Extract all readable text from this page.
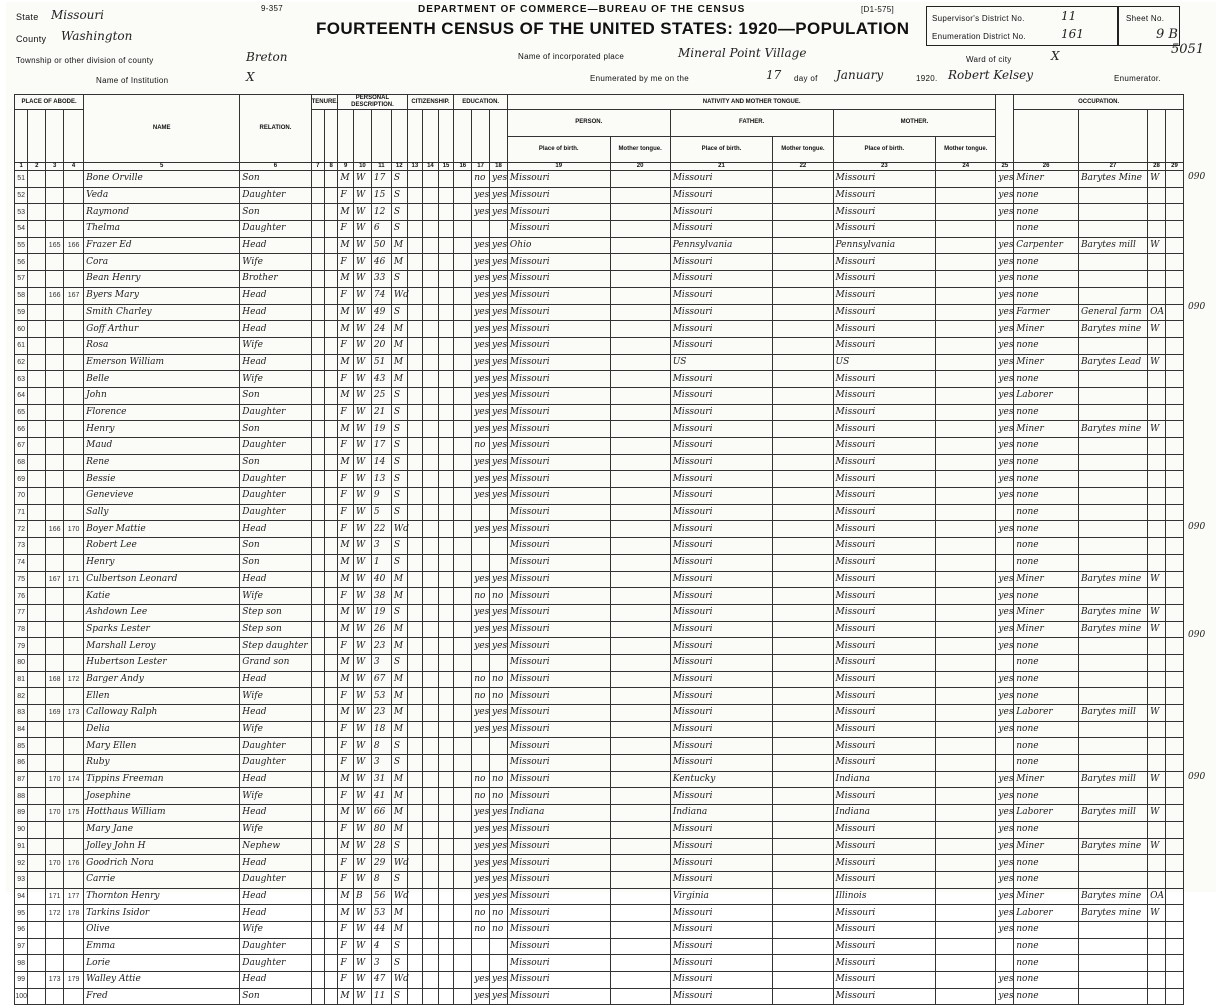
9-357	DEPARTMENT OF COMMERCE—BUREAU OF THE CENSUS	[D1-575]
FOURTEENTH CENSUS OF THE UNITED STATES: 1920—POPULATION
State Missouri
County Washington
Township or other division of county	Breton
Name of Institution	X
Name of incorporated place	Mineral Point Village
Enumerated by me on the	17 day of January	1920. Robert Kelsey	Enumerator.
Supervisor's District No.	11
Enumeration District No.	161
Sheet No.
9 B
Ward of city	X	5051
PLACE OF ABODE.				NAME	RELATION.	TENURE.		PERSONAL DESCRIPTION.				CITIZENSHIP.			EDUCATION.			NATIVITY AND MOTHER TONGUE.							OCCUPATION.			
																		PERSON.		FATHER.		MOTHER.						
																		Place of birth.	Mother tongue.	Place of birth.	Mother tongue.	Place of birth.	Mother tongue.					
1	2	3	4	5	6	7	8	9	10	11	12	13	14	15	16	17	18	19	20	21	22	23	24	25	26	27	28	29
51				Bone Orville	Son			M	W	17	S					no	yes	Missouri		Missouri		Missouri		yes	Miner	Barytes Mine	W	
52				Veda	Daughter			F	W	15	S					yes	yes	Missouri		Missouri		Missouri		yes	none			
53				Raymond	Son			M	W	12	S					yes	yes	Missouri		Missouri		Missouri		yes	none			
54				Thelma	Daughter			F	W	6	S							Missouri		Missouri		Missouri			none			
55		165	166	Frazer Ed	Head			M	W	50	M					yes	yes	Ohio		Pennsylvania		Pennsylvania		yes	Carpenter	Barytes mill	W	
56				Cora	Wife			F	W	46	M					yes	yes	Missouri		Missouri		Missouri		yes	none			
57				Bean Henry	Brother			M	W	33	S					yes	yes	Missouri		Missouri		Missouri		yes	none			
58		166	167	Byers Mary	Head			F	W	74	Wd					yes	yes	Missouri		Missouri		Missouri		yes	none			
59				Smith Charley	Head			M	W	49	S					yes	yes	Missouri		Missouri		Missouri		yes	Farmer	General farm	OA	
60				Goff Arthur	Head			M	W	24	M					yes	yes	Missouri		Missouri		Missouri		yes	Miner	Barytes mine	W	
61				Rosa	Wife			F	W	20	M					yes	yes	Missouri		Missouri		Missouri		yes	none			
62				Emerson William	Head			M	W	51	M					yes	yes	Missouri		US		US		yes	Miner	Barytes Lead	W	
63				Belle	Wife			F	W	43	M					yes	yes	Missouri		Missouri		Missouri		yes	none			
64				John	Son			M	W	25	S					yes	yes	Missouri		Missouri		Missouri		yes	Laborer			
65				Florence	Daughter			F	W	21	S					yes	yes	Missouri		Missouri		Missouri		yes	none			
66				Henry	Son			M	W	19	S					yes	yes	Missouri		Missouri		Missouri		yes	Miner	Barytes mine	W	
67				Maud	Daughter			F	W	17	S					no	yes	Missouri		Missouri		Missouri		yes	none			
68				Rene	Son			M	W	14	S					yes	yes	Missouri		Missouri		Missouri		yes	none			
69				Bessie	Daughter			F	W	13	S					yes	yes	Missouri		Missouri		Missouri		yes	none			
70				Genevieve	Daughter			F	W	9	S					yes	yes	Missouri		Missouri		Missouri		yes	none			
71				Sally	Daughter			F	W	5	S							Missouri		Missouri		Missouri			none			
72		166	170	Boyer Mattie	Head			F	W	22	Wd					yes	yes	Missouri		Missouri		Missouri		yes	none			
73				Robert Lee	Son			M	W	3	S							Missouri		Missouri		Missouri			none			
74				Henry	Son			M	W	1	S							Missouri		Missouri		Missouri			none			
75		167	171	Culbertson Leonard	Head			M	W	40	M					yes	yes	Missouri		Missouri		Missouri		yes	Miner	Barytes mine	W	
76				Katie	Wife			F	W	38	M					no	no	Missouri		Missouri		Missouri		yes	none			
77				Ashdown Lee	Step son			M	W	19	S					yes	yes	Missouri		Missouri		Missouri		yes	Miner	Barytes mine	W	
78				Sparks Lester	Step son			M	W	26	M					yes	yes	Missouri		Missouri		Missouri		yes	Miner	Barytes mine	W	
79				Marshall Leroy	Step daughter			F	W	23	M					yes	yes	Missouri		Missouri		Missouri		yes	none			
80				Hubertson Lester	Grand son			M	W	3	S							Missouri		Missouri		Missouri			none			
81		168	172	Barger Andy	Head			M	W	67	M					no	no	Missouri		Missouri		Missouri		yes	none			
82				Ellen	Wife			F	W	53	M					no	no	Missouri		Missouri		Missouri		yes	none			
83		169	173	Calloway Ralph	Head			M	W	23	M					yes	yes	Missouri		Missouri		Missouri		yes	Laborer	Barytes mill	W	
84				Delia	Wife			F	W	18	M					yes	yes	Missouri		Missouri		Missouri		yes	none			
85				Mary Ellen	Daughter			F	W	8	S							Missouri		Missouri		Missouri			none			
86				Ruby	Daughter			F	W	3	S							Missouri		Missouri		Missouri			none			
87		170	174	Tippins Freeman	Head			M	W	31	M					no	no	Missouri		Kentucky		Indiana		yes	Miner	Barytes mill	W	
88				Josephine	Wife			F	W	41	M					no	no	Missouri		Missouri		Missouri		yes	none			
89		170	175	Hotthaus William	Head			M	W	66	M					yes	yes	Indiana		Indiana		Indiana		yes	Laborer	Barytes mill	W	
90				Mary Jane	Wife			F	W	80	M					yes	yes	Missouri		Missouri		Missouri		yes	none			
91				Jolley John H	Nephew			M	W	28	S					yes	yes	Missouri		Missouri		Missouri		yes	Miner	Barytes mine	W	
92		170	176	Goodrich Nora	Head			F	W	29	Wd					yes	yes	Missouri		Missouri		Missouri		yes	none			
93				Carrie	Daughter			F	W	8	S					yes	yes	Missouri		Missouri		Missouri		yes	none			
94		171	177	Thornton Henry	Head			M	B	56	Wd					yes	yes	Missouri		Virginia		Illinois		yes	Miner	Barytes mine	OA	
95		172	178	Tarkins Isidor	Head			M	W	53	M					no	no	Missouri		Missouri		Missouri		yes	Laborer	Barytes mine	W	
96				Olive	Wife			F	W	44	M					no	no	Missouri		Missouri		Missouri		yes	none			
97				Emma	Daughter			F	W	4	S							Missouri		Missouri		Missouri			none			
98				Lorie	Daughter			F	W	3	S							Missouri		Missouri		Missouri			none			
99		173	179	Walley Attie	Head			F	W	47	Wd					yes	yes	Missouri		Missouri		Missouri		yes	none			
100				Fred	Son			M	W	11	S					yes	yes	Missouri		Missouri		Missouri		yes	none			
090
090
090
090
090
